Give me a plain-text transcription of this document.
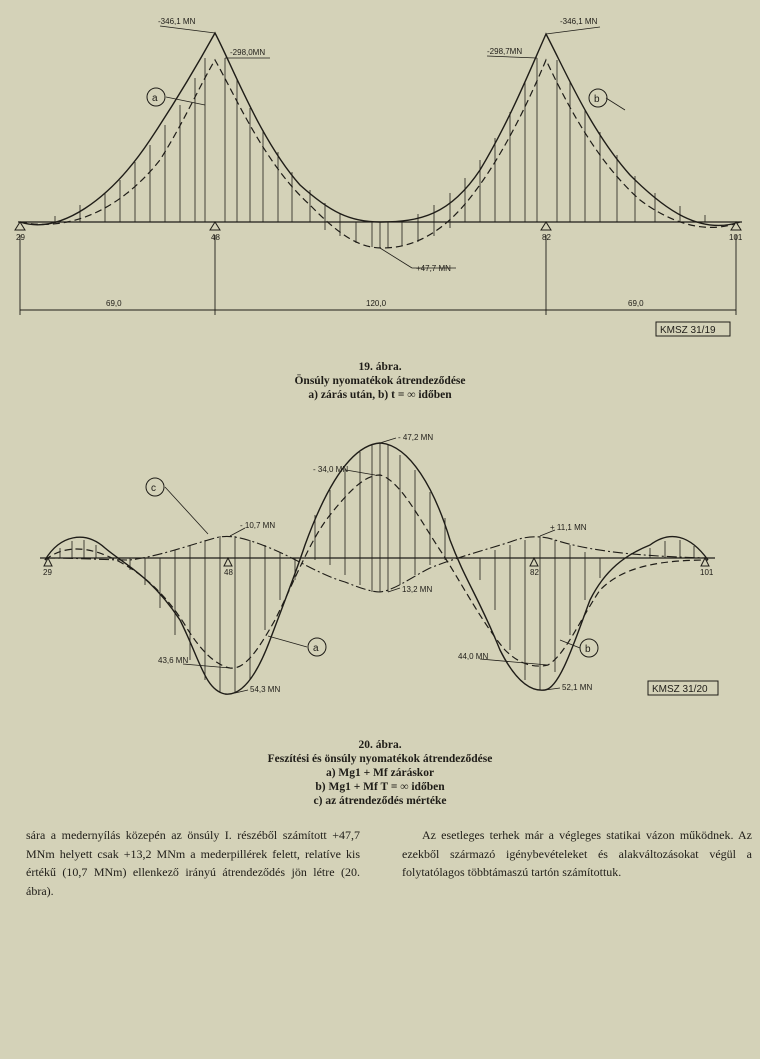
-346,1 MN
-298,0MN
-346,1 MN
-298,7MN
+47,7 MN
29	48	82	101
a	b
69,0	120,0	69,0
KMSZ 31/19
19. ábra.
Önsúly nyomatékok átrendeződése
a) zárás után, b) t = ∞ időben
- 47,2 MN
- 34,0 MN
- 10,7 MN	+ 11,1 MN
13,2 MN
43,6 MN
54,3 MN
44,0 MN
52,1 MN
29	48	82	101
c
a	b
KMSZ 31/20
20. ábra.
Feszítési és önsúly nyomatékok átrendeződése
a) Mg1 + Mf záráskor
b) Mg1 + Mf T = ∞ időben
c) az átrendeződés mértéke

sára a medernyílás közepén az önsúly I. részéből számított +47,7 MNm helyett csak +13,2 MNm a mederpillérek felett, relatíve kis értékű (10,7 MNm) ellenkező irányú átrendeződés jön létre (20. ábra).

Az esetleges terhek már a végleges statikai vázon működnek. Az ezekből származó igénybevételeket és alakváltozásokat végül a folytatólagos többtámaszú tartón számítottuk.
